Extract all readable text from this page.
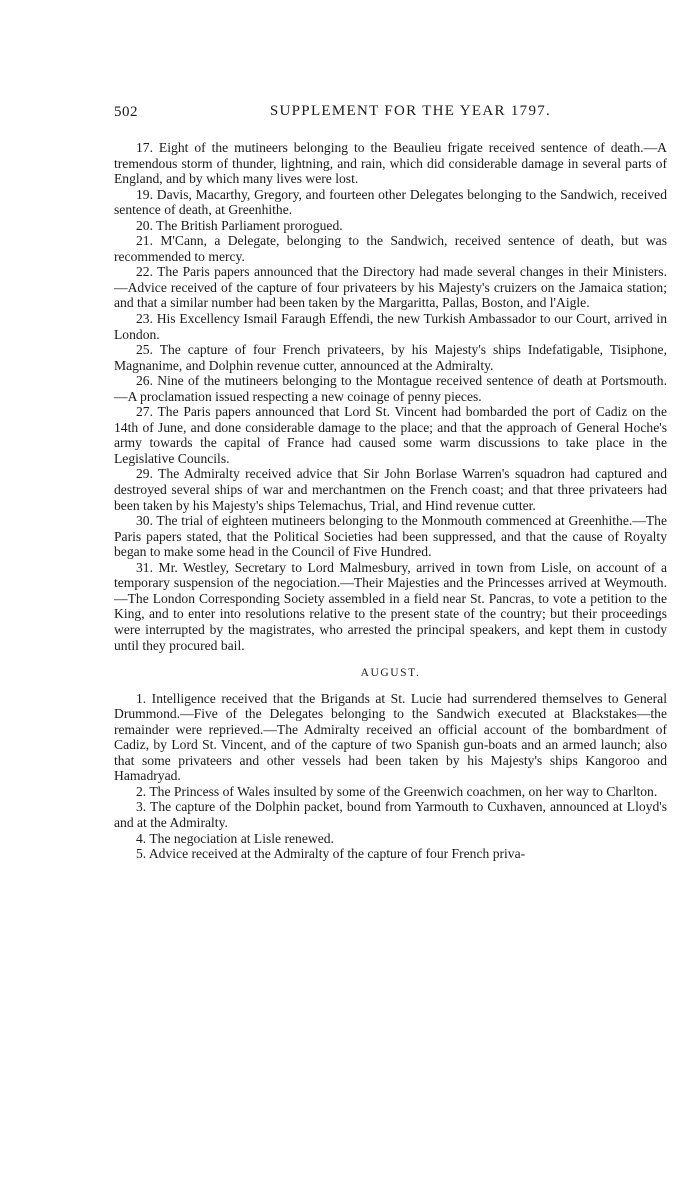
502	SUPPLEMENT FOR THE YEAR 1797.

17. Eight of the mutineers belonging to the Beaulieu frigate received sentence of death.—A tremendous storm of thunder, lightning, and rain, which did considerable damage in several parts of England, and by which many lives were lost.

19. Davis, Macarthy, Gregory, and fourteen other Delegates belonging to the Sandwich, received sentence of death, at Greenhithe.

20. The British Parliament prorogued.

21. M'Cann, a Delegate, belonging to the Sandwich, received sentence of death, but was recommended to mercy.

22. The Paris papers announced that the Directory had made several changes in their Ministers.—Advice received of the capture of four privateers by his Majesty's cruizers on the Jamaica station; and that a similar number had been taken by the Margaritta, Pallas, Boston, and l'Aigle.

23. His Excellency Ismail Faraugh Effendi, the new Turkish Ambassador to our Court, arrived in London.

25. The capture of four French privateers, by his Majesty's ships Indefatigable, Tisiphone, Magnanime, and Dolphin revenue cutter, announced at the Admiralty.

26. Nine of the mutineers belonging to the Montague received sentence of death at Portsmouth.—A proclamation issued respecting a new coinage of penny pieces.

27. The Paris papers announced that Lord St. Vincent had bombarded the port of Cadiz on the 14th of June, and done considerable damage to the place; and that the approach of General Hoche's army towards the capital of France had caused some warm discussions to take place in the Legislative Councils.

29. The Admiralty received advice that Sir John Borlase Warren's squadron had captured and destroyed several ships of war and merchantmen on the French coast; and that three privateers had been taken by his Majesty's ships Telemachus, Trial, and Hind revenue cutter.

30. The trial of eighteen mutineers belonging to the Monmouth commenced at Greenhithe.—The Paris papers stated, that the Political Societies had been suppressed, and that the cause of Royalty began to make some head in the Council of Five Hundred.

31. Mr. Westley, Secretary to Lord Malmesbury, arrived in town from Lisle, on account of a temporary suspension of the negociation.—Their Majesties and the Princesses arrived at Weymouth.—The London Corresponding Society assembled in a field near St. Pancras, to vote a petition to the King, and to enter into resolutions relative to the present state of the country; but their proceedings were interrupted by the magistrates, who arrested the principal speakers, and kept them in custody until they procured bail.

AUGUST.

1. Intelligence received that the Brigands at St. Lucie had surrendered themselves to General Drummond.—Five of the Delegates belonging to the Sandwich executed at Blackstakes—the remainder were reprieved.—The Admiralty received an official account of the bombardment of Cadiz, by Lord St. Vincent, and of the capture of two Spanish gun-boats and an armed launch; also that some privateers and other vessels had been taken by his Majesty's ships Kangoroo and Hamadryad.

2. The Princess of Wales insulted by some of the Greenwich coachmen, on her way to Charlton.

3. The capture of the Dolphin packet, bound from Yarmouth to Cuxhaven, announced at Lloyd's and at the Admiralty.

4. The negociation at Lisle renewed.

5. Advice received at the Admiralty of the capture of four French priva-
